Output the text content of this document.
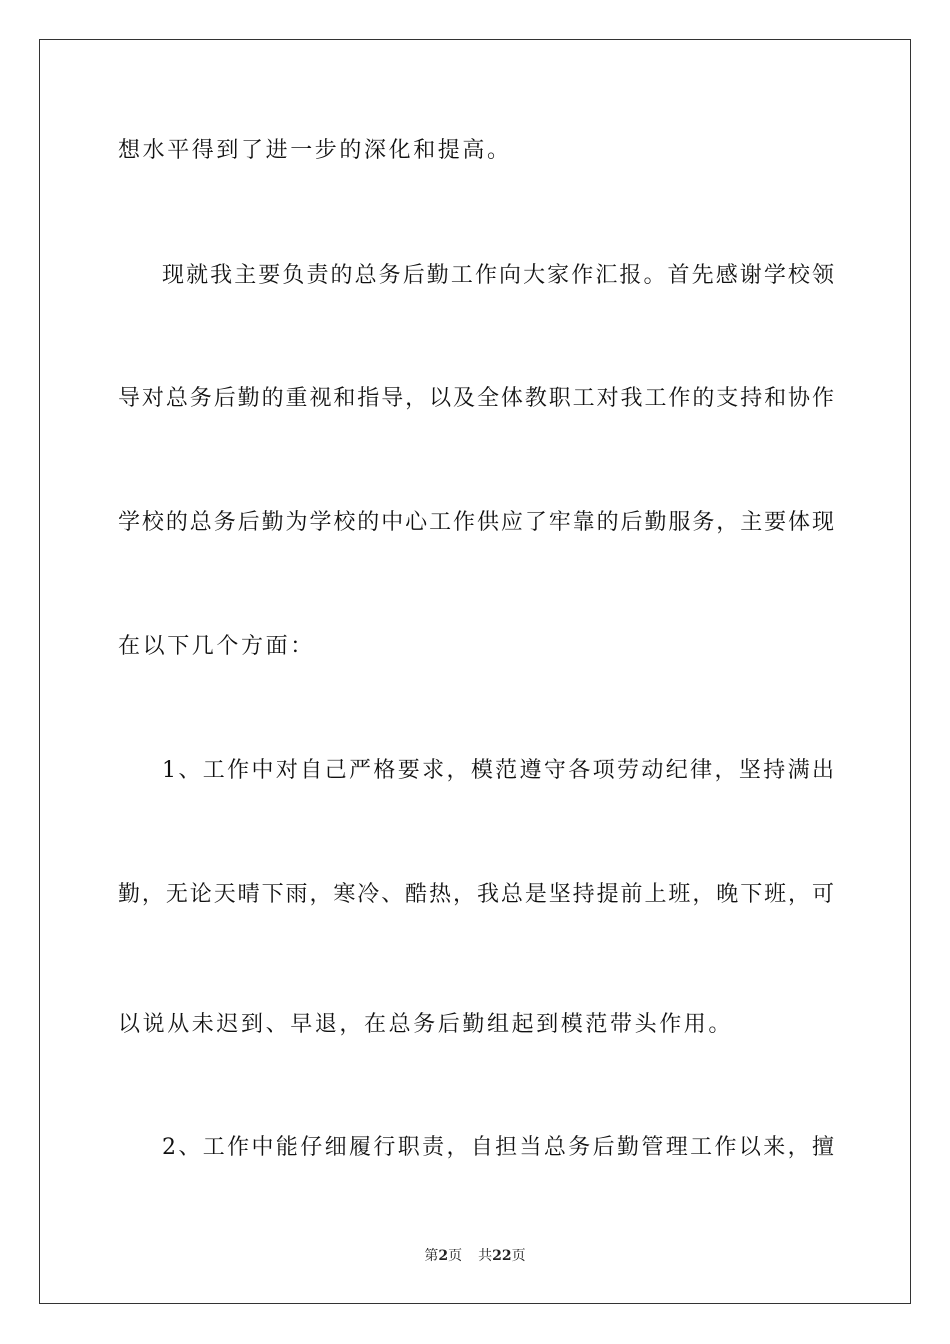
想水平得到了进一步的深化和提高。
现就我主要负责的总务后勤工作向大家作汇报。首先感谢学校领
导对总务后勤的重视和指导，以及全体教职工对我工作的支持和协作
学校的总务后勤为学校的中心工作供应了牢靠的后勤服务，主要体现
在以下几个方面：
1、工作中对自己严格要求，模范遵守各项劳动纪律，坚持满出
勤，无论天晴下雨，寒冷、酷热，我总是坚持提前上班，晚下班，可
以说从未迟到、早退，在总务后勤组起到模范带头作用。
2、工作中能仔细履行职责，自担当总务后勤管理工作以来，擅
第2页 共22页
